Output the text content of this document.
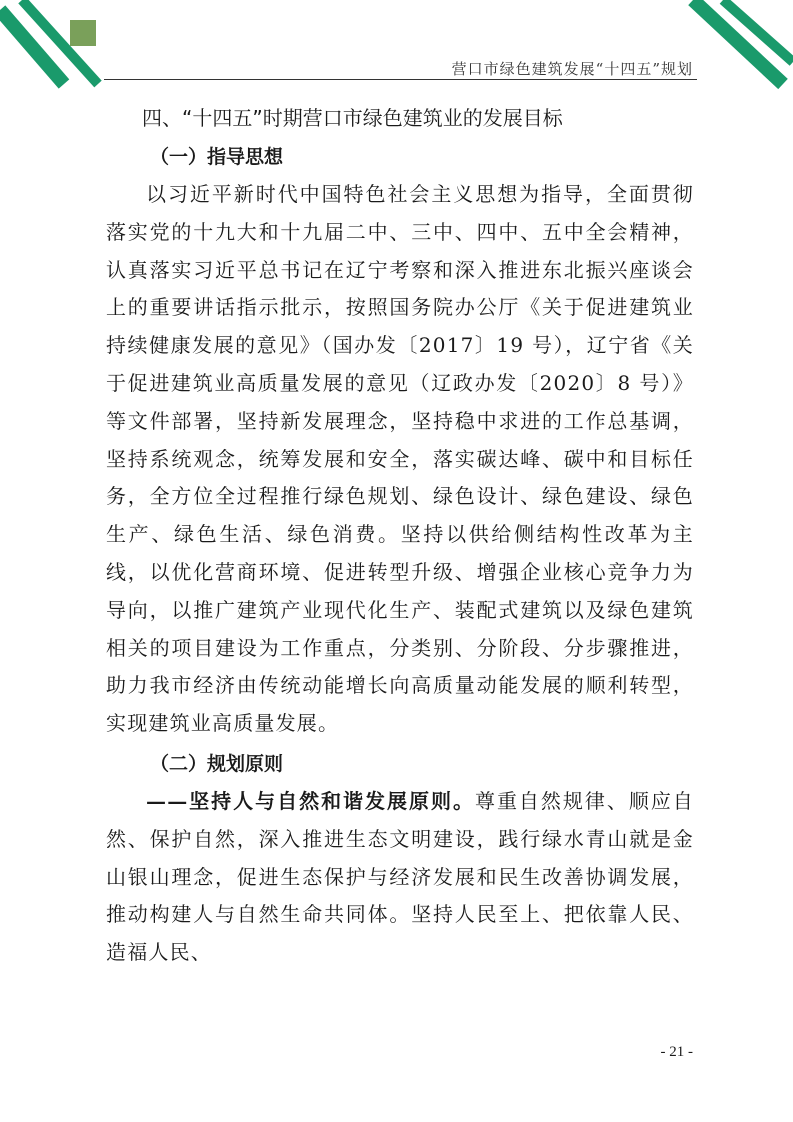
营口市绿色建筑发展“十四五”规划
四、“十四五”时期营口市绿色建筑业的发展目标
（一）指导思想

以习近平新时代中国特色社会主义思想为指导，全面贯彻落实党的十九大和十九届二中、三中、四中、五中全会精神，认真落实习近平总书记在辽宁考察和深入推进东北振兴座谈会上的重要讲话指示批示，按照国务院办公厅《关于促进建筑业持续健康发展的意见》（国办发〔2017〕19 号），辽宁省《关于促进建筑业高质量发展的意见（辽政办发〔2020〕8 号）》等文件部署，坚持新发展理念，坚持稳中求进的工作总基调，坚持系统观念，统筹发展和安全，落实碳达峰、碳中和目标任务，全方位全过程推行绿色规划、绿色设计、绿色建设、绿色生产、绿色生活、绿色消费。坚持以供给侧结构性改革为主线，以优化营商环境、促进转型升级、增强企业核心竞争力为导向，以推广建筑产业现代化生产、装配式建筑以及绿色建筑相关的项目建设为工作重点，分类别、分阶段、分步骤推进，助力我市经济由传统动能增长向高质量动能发展的顺利转型，实现建筑业高质量发展。

（二）规划原则

——坚持人与自然和谐发展原则。尊重自然规律、顺应自然、保护自然，深入推进生态文明建设，践行绿水青山就是金山银山理念，促进生态保护与经济发展和民生改善协调发展，推动构建人与自然生命共同体。坚持人民至上、把依靠人民、造福人民、

- 21 -
